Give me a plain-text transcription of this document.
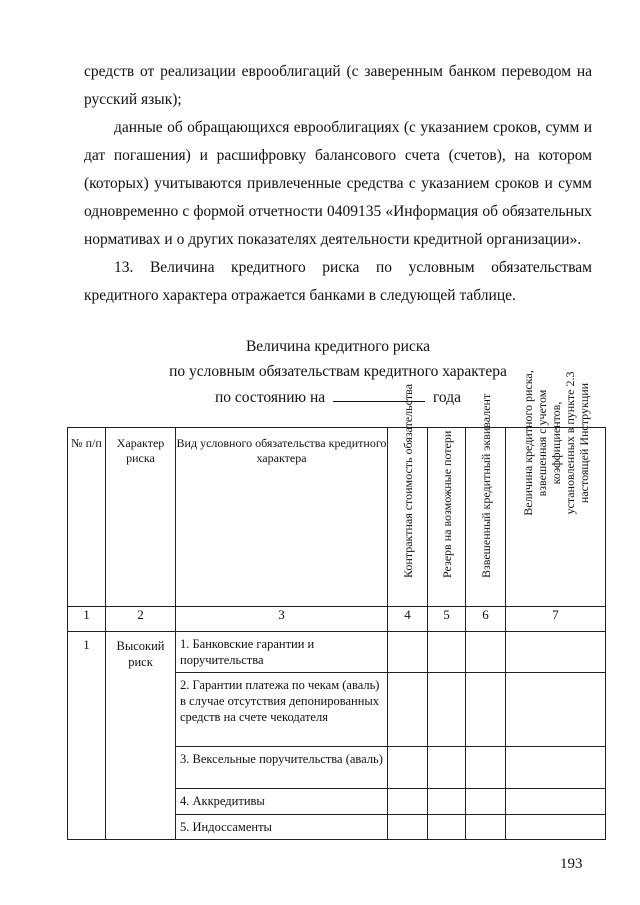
средств от реализации еврооблигаций (с заверенным банком переводом на русский язык);

данные об обращающихся еврооблигациях (с указанием сроков, сумм и дат погашения) и расшифровку балансового счета (счетов), на котором (которых) учитываются привлеченные средства с указанием сроков и сумм одновременно с формой отчетности 0409135 «Информация об обязательных нормативах и о других показателях деятельности кредитной организации».

13. Величина кредитного риска по условным обязательствам кредитного характера отражается банками в следующей таблице.

Величина кредитного риска
по условным обязательствам кредитного характера
по состоянию на	года
№ п/п	Характер риска	Вид условного обязательства кредитного характера	Контрактная стоимость обязательства	Резерв на возможные потери	Взвешенный кредитный эквивалент	Величина кредитного риска, взвешенная с учетом коэффициентов, установленных в пункте 2.3 настоящей Инструкции

1	2	3	4	5	6	7
1	Высокий риск	1. Банковские гарантии и поручительства				
		2. Гарантии платежа по чекам (аваль) в случае отсутствия депонированных средств на счете чекодателя				
		3. Вексельные поручительства (аваль)				
		4. Аккредитивы				
		5. Индоссаменты				
193
